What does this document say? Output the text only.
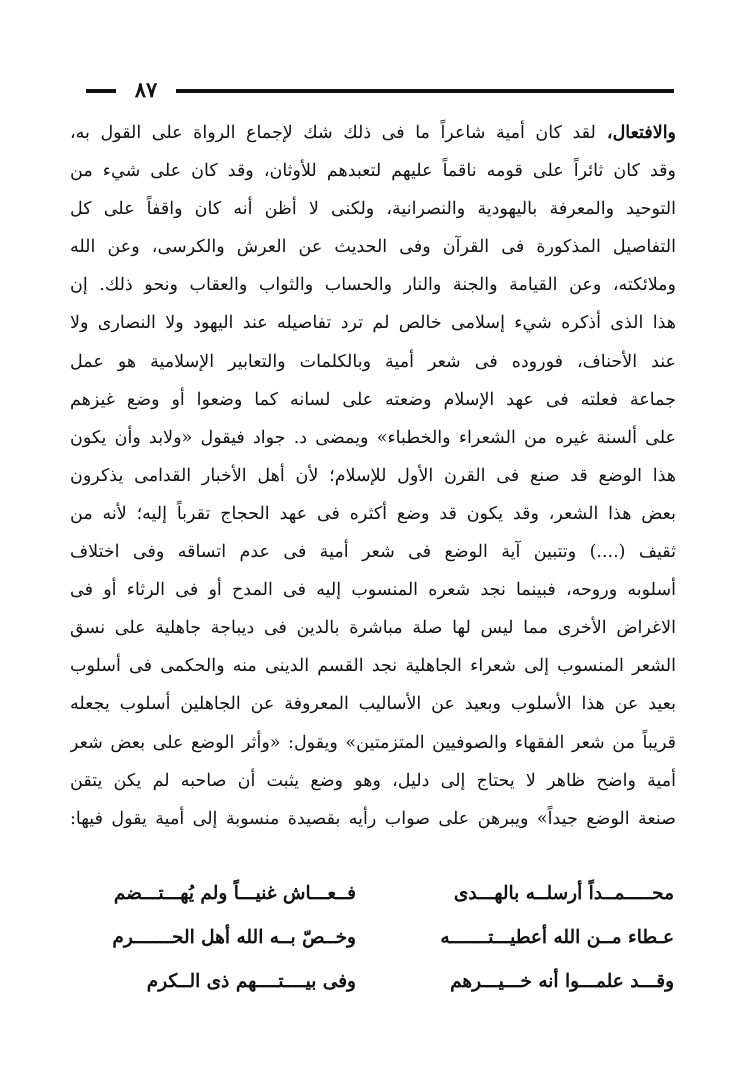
٨٧
والافتعال، لقد كان أمية شاعراً ما فى ذلك شك لإجماع الرواة على القول به،
وقد كان ثائراً على قومه ناقماً عليهم لتعبدهم للأوثان، وقد كان على شيء من
التوحيد والمعرفة باليهودية والنصرانية، ولكنى لا أظن أنه كان واقفاً على كل
التفاصيل المذكورة فى القرآن وفى الحديث عن العرش والكرسى، وعن الله
وملائكته، وعن القيامة والجنة والنار والحساب والثواب والعقاب ونحو ذلك. إن
هذا الذى أذكره شيء إسلامى خالص لم ترد تفاصيله عند اليهود ولا النصارى ولا
عند الأحناف، فوروده فى شعر أمية وبالكلمات والتعابير الإسلامية هو عمل
جماعة فعلته فى عهد الإسلام وضعته على لسانه كما وضعوا أو وضع غيزهم
على ألسنة غيره من الشعراء والخطباء» ويمضى د. جواد فيقول «ولابد وأن يكون
هذا الوضع قد صنع فى القرن الأول للإسلام؛ لأن أهل الأخبار القدامى يذكرون
بعض هذا الشعر، وقد يكون قد وضع أكثره فى عهد الحجاج تقرباً إليه؛ لأنه من
ثقيف (....) وتتبين آية الوضع فى شعر أمية فى عدم اتساقه وفى اختلاف
أسلوبه وروحه، فبينما نجد شعره المنسوب إليه فى المدح أو فى الرثاء أو فى
الاغراض الأخرى مما ليس لها صلة مباشرة بالدين فى ديباجة جاهلية على نسق
الشعر المنسوب إلى شعراء الجاهلية نجد القسم الدينى منه والحكمى فى أسلوب
بعيد عن هذا الأسلوب وبعيد عن الأساليب المعروفة عن الجاهلين أسلوب يجعله
قريباً من شعر الفقهاء والصوفيين المتزمتين» ويقول: «وأثر الوضع على بعض شعر
أمية واضح ظاهر لا يحتاج إلى دليل، وهو وضع يثبت أن صاحبه لم يكن يتقن
صنعة الوضع جيداً» ويبرهن على صواب رأيه بقصيدة منسوبة إلى أمية يقول فيها:
محـــــمــداً أرسلــه بالهـــدى
فــعـــاش غنيـــاً ولم يُهـــتـــضم
عـطاء مــن الله أعطيـــتـــــــه
وخــصّ بــه الله أهل الحـــــــرم
وقـــد علمـــوا أنه خـــيـــرهم
وفى بيــــتــــهم ذى الــكرم
